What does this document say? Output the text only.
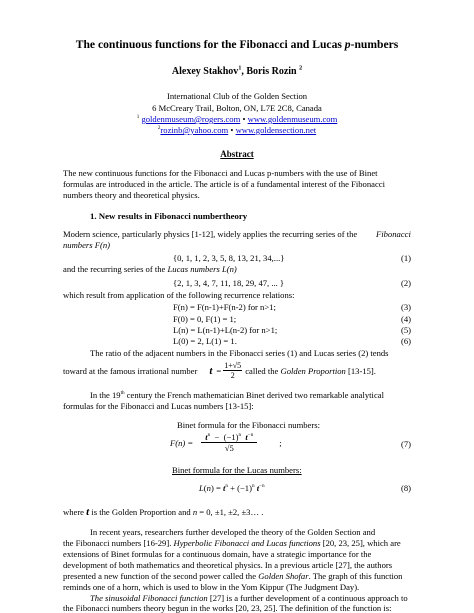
The continuous functions for the Fibonacci and Lucas p-numbers
Alexey Stakhov$^1$, Boris Rozin $^2$
International Club of the Golden Section
6 McCreary Trail, Bolton, ON, L7E 2C8, Canada
$^1$ goldenmuseum@rogers.com • www.goldenmuseum.com
$^2$rozinb@yahoo.com • www.goldensection.net
Abstract
The new continuous functions for the Fibonacci and Lucas p-numbers with the use of Binet
formulas are introduced in the article. The article is of a fundamental interest of the Fibonacci
numbers theory and theoretical physics.
1. New results in Fibonacci numbertheory
Modern science, particularly physics [1-12], widely applies the recurring series of the Fibonacci
numbers F(n)
{0, 1, 1, 2, 3, 5, 8, 13, 21, 34,...}	(1)
and the recurring series of the Lucas numbers L(n)
{2, 1, 3, 4, 7, 11, 18, 29, 47, ... }	(2)
which result from application of the following recurrence relations:
F(n) = F(n-1)+F(n-2) for n>1;	(3)
F(0) = 0, F(1) = 1;	(4)
L(n) = L(n-1)+L(n-2) for n>1;	(5)
L(0) = 2, L(1) = 1.	(6)
The ratio of the adjacent numbers in the Fibonacci series (1) and Lucas series (2) tends
toward at the famous irrational number $t = \frac{1+√5}{2}$ called the
Golden Proportion
[13-15].
In the 19th century the French mathematician Binet derived two remarkable analytical
formulas for the Fibonacci and Lucas numbers [13-15]:
Binet formula for the Fibonacci numbers:
$F(n) = \frac{t^n - (-1)^n t^{-n}}{√5}$	;	(7)
Binet formula for the Lucas numbers:
$L(n) = t^n + (-1)^n$ $t^{-n}$	(8)
where t is the Golden Proportion and n = 0, ±1, ±2, ±3… .
In recent years, researchers further developed the theory of the Golden Section and
the Fibonacci numbers [16-29]. Hyperbolic Fibonacci and Lucas functions [20, 23, 25], which are
extensions of Binet formulas for a continuous domain, have a strategic importance for the
development of both mathematics and theoretical physics. In a previous article [27], the authors
presented a new function of the second power called the Golden Shofar. The graph of this function
reminds one of a horn, which is used to blow in the Yom Kippur (The Judgment Day).
The sinusoidal Fibonacci function [27] is a further development of a continuous approach to
the Fibonacci numbers theory begun in the works [20, 23, 25]. The definition of the function is:
